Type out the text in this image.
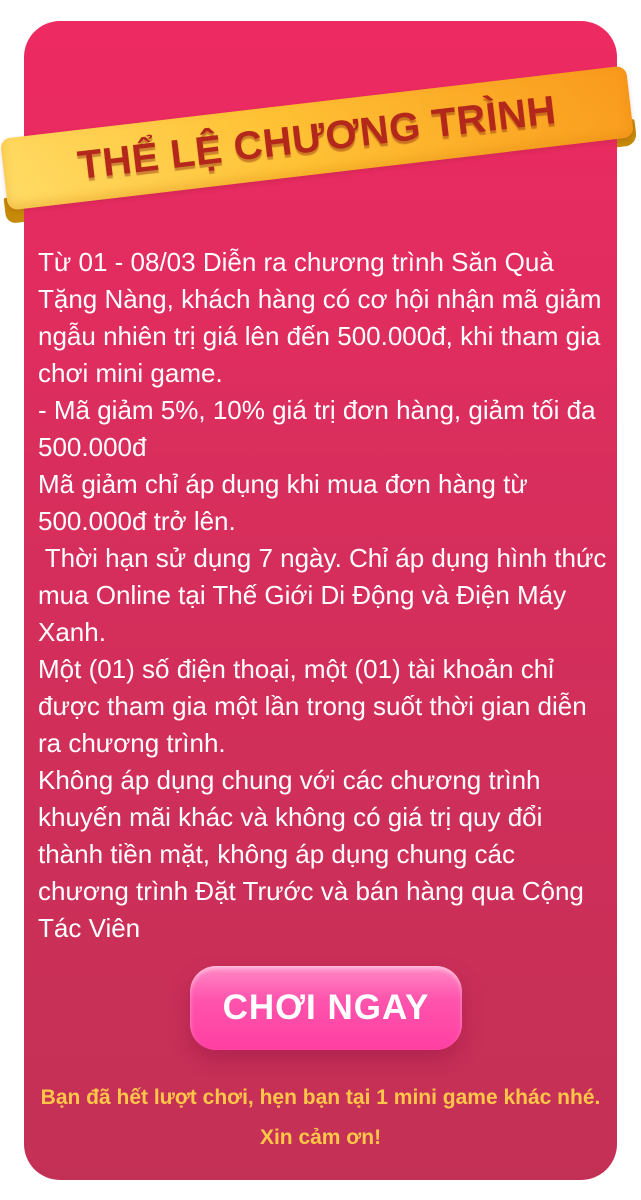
Từ 01 - 08/03 Diễn ra chương trình Săn Quà
Tặng Nàng, khách hàng có cơ hội nhận mã giảm
ngẫu nhiên trị giá lên đến 500.000đ, khi tham gia
chơi mini game.
- Mã giảm 5%, 10% giá trị đơn hàng, giảm tối đa
500.000đ
Mã giảm chỉ áp dụng khi mua đơn hàng từ
500.000đ trở lên.
Thời hạn sử dụng 7 ngày. Chỉ áp dụng hình thức
mua Online tại Thế Giới Di Động và Điện Máy
Xanh.
Một (01) số điện thoại, một (01) tài khoản chỉ
được tham gia một lần trong suốt thời gian diễn
ra chương trình.
Không áp dụng chung với các chương trình
khuyến mãi khác và không có giá trị quy đổi
thành tiền mặt, không áp dụng chung các
chương trình Đặt Trước và bán hàng qua Cộng
Tác Viên
CHƠI NGAY
Bạn đã hết lượt chơi, hẹn bạn tại 1 mini game khác nhé.
Xin cảm ơn!
THỂ LỆ CHƯƠNG TRÌNH
